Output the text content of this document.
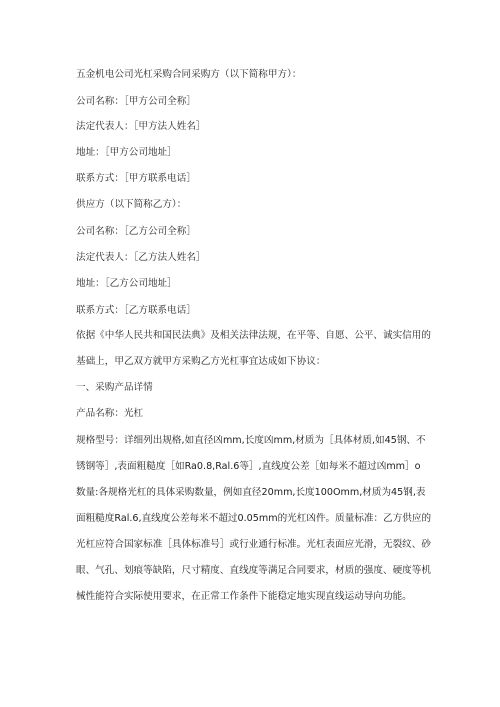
五金机电公司光杠采购合同采购方（以下简称甲方）：
公司名称：［甲方公司全称］
法定代表人：［甲方法人姓名］
地址：［甲方公司地址］
联系方式：［甲方联系电话］
供应方（以下简称乙方）：
公司名称：［乙方公司全称］
法定代表人：［乙方法人姓名］
地址：［乙方公司地址］
联系方式：［乙方联系电话］
依据《中华人民共和国民法典》及相关法律法规，在平等、自愿、公平、诚实信用的基础上，甲乙双方就甲方采购乙方光杠事宜达成如下协议：
一、采购产品详情
产品名称：光杠
规格型号：详细列出规格,如直径凶mm,长度凶mm,材质为［具体材质,如45钢、不锈钢等］,表面粗糙度［如Ra0.8,Ral.6等］,直线度公差［如每米不超过凶mm］o
数量:各规格光杠的具体采购数量，例如直径20mm,长度100Omm,材质为45钢,表面粗糙度Ral.6,直线度公差每米不超过0.05mm的光杠凶件。质量标准：乙方供应的光杠应符合国家标准［具体标准号］或行业通行标准。光杠表面应光滑，无裂纹、砂眼、气孔、划痕等缺陷，尺寸精度、直线度等满足合同要求，材质的强度、硬度等机械性能符合实际使用要求，在正常工作条件下能稳定地实现直线运动导向功能。
